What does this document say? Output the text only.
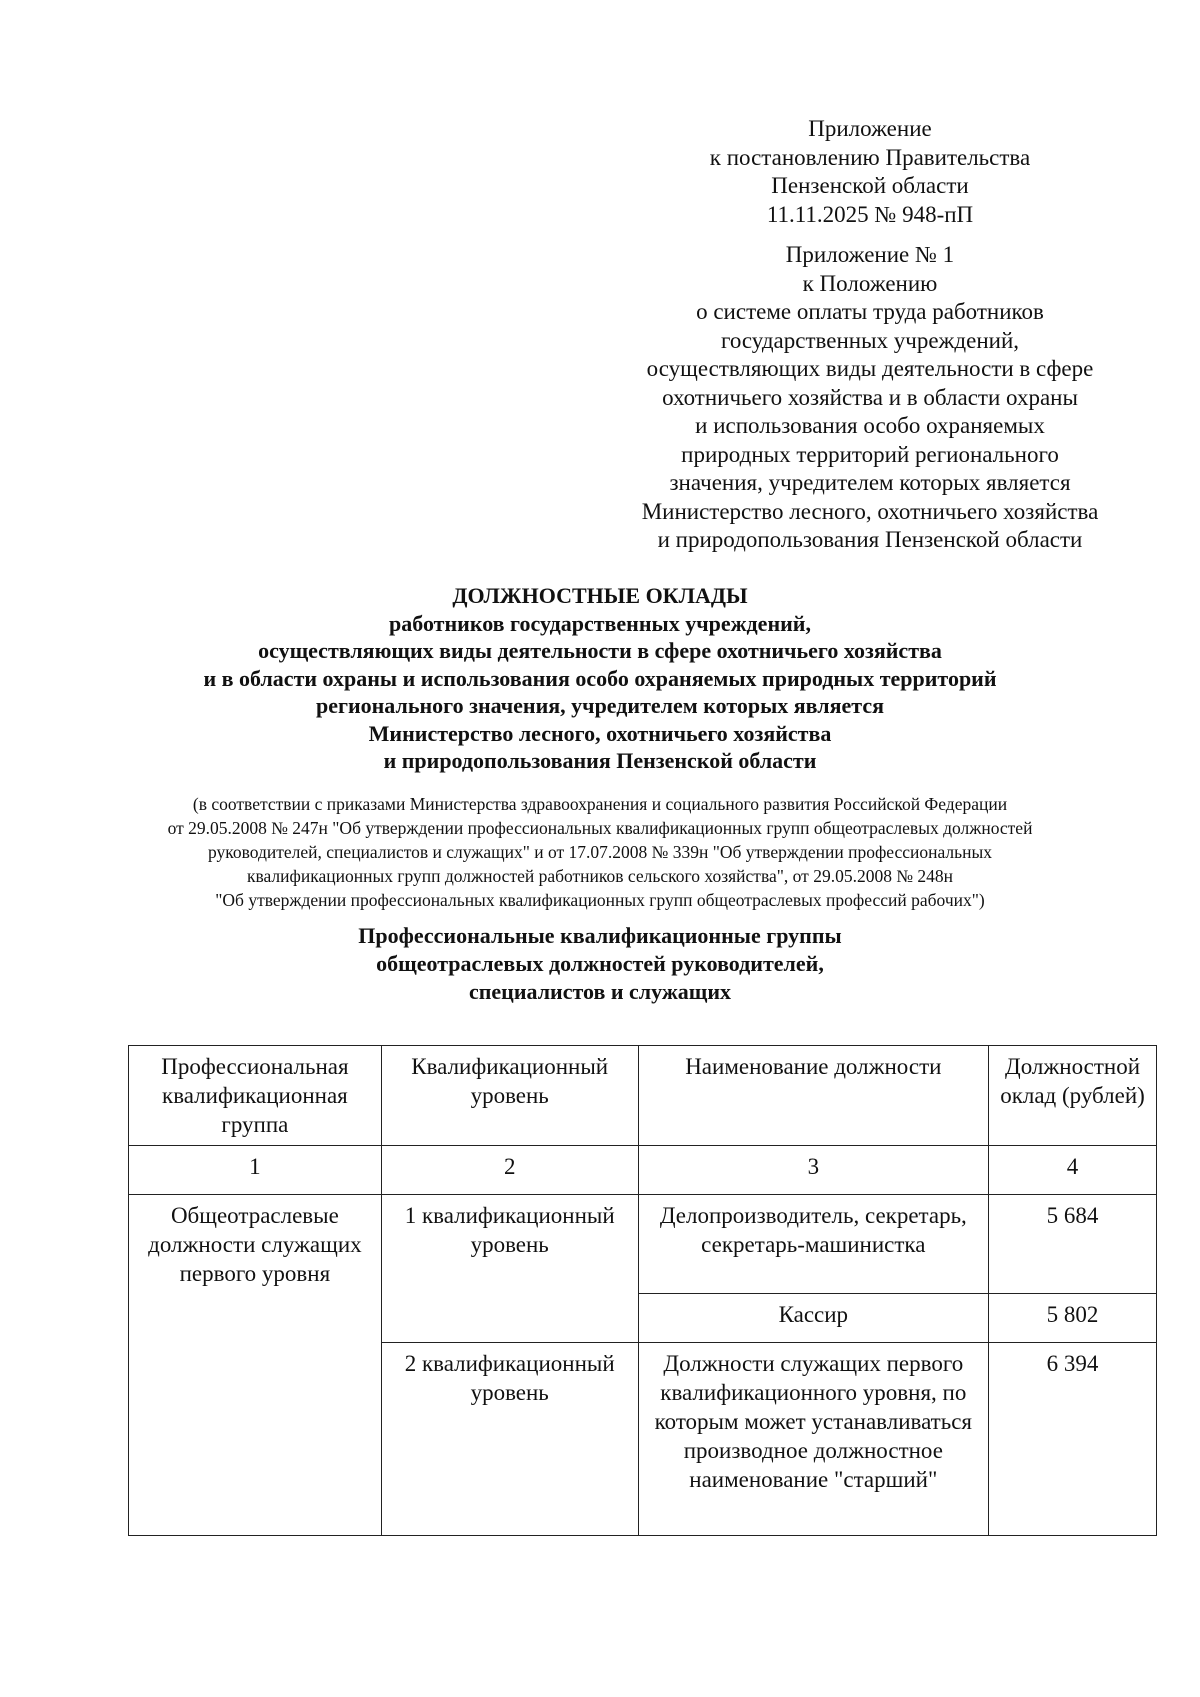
Приложение
к постановлению Правительства
Пензенской области
11.11.2025 № 948-пП
Приложение № 1
к Положению
о системе оплаты труда работников
государственных учреждений,
осуществляющих виды деятельности в сфере
охотничьего хозяйства и в области охраны
и использования особо охраняемых
природных территорий регионального
значения, учредителем которых является
Министерство лесного, охотничьего хозяйства
и природопользования Пензенской области
ДОЛЖНОСТНЫЕ ОКЛАДЫ
работников государственных учреждений,
осуществляющих виды деятельности в сфере охотничьего хозяйства
и в области охраны и использования особо охраняемых природных территорий
регионального значения, учредителем которых является
Министерство лесного, охотничьего хозяйства
и природопользования Пензенской области
(в соответствии с приказами Министерства здравоохранения и социального развития Российской Федерации
от 29.05.2008 № 247н "Об утверждении профессиональных квалификационных групп общеотраслевых должностей
руководителей, специалистов и служащих" и от 17.07.2008 № 339н "Об утверждении профессиональных
квалификационных групп должностей работников сельского хозяйства", от 29.05.2008 № 248н
"Об утверждении профессиональных квалификационных групп общеотраслевых профессий рабочих")
Профессиональные квалификационные группы
общеотраслевых должностей руководителей,
специалистов и служащих
Профессиональная квалификационная группа	Квалификационный уровень	Наименование должности	Должностной оклад (рублей)
1	2	3	4
Общеотраслевые должности служащих первого уровня	1 квалификационный уровень	Делопроизводитель, секретарь, секретарь-машинистка	5 684
		Кассир	5 802
	2 квалификационный уровень	Должности служащих первого квалификационного уровня, по которым может устанавливаться производное должностное наименование "старший"	6 394
